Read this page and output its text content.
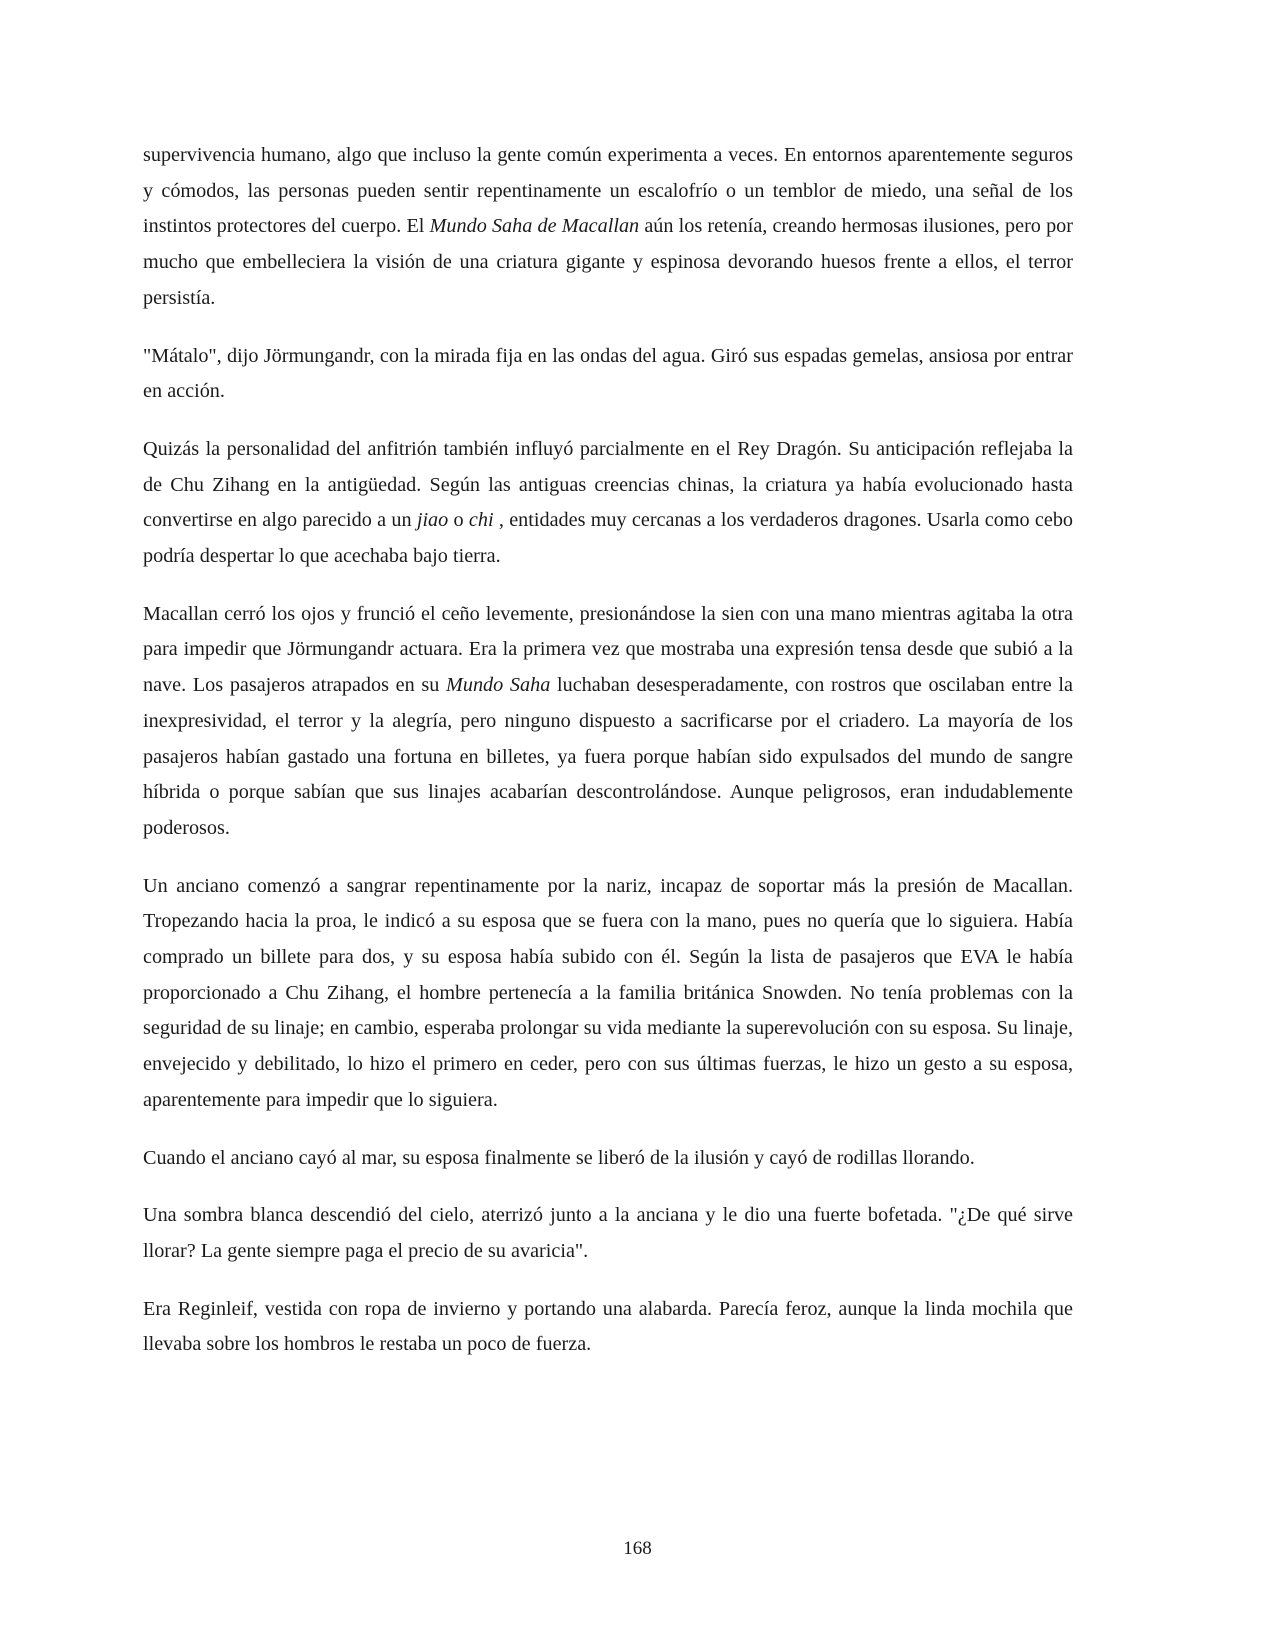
supervivencia humano, algo que incluso la gente común experimenta a veces. En entornos aparentemente seguros y cómodos, las personas pueden sentir repentinamente un escalofrío o un temblor de miedo, una señal de los instintos protectores del cuerpo. El Mundo Saha de Macallan aún los retenía, creando hermosas ilusiones, pero por mucho que embelleciera la visión de una criatura gigante y espinosa devorando huesos frente a ellos, el terror persistía.

"Mátalo", dijo Jörmungandr, con la mirada fija en las ondas del agua. Giró sus espadas gemelas, ansiosa por entrar en acción.

Quizás la personalidad del anfitrión también influyó parcialmente en el Rey Dragón. Su anticipación reflejaba la de Chu Zihang en la antigüedad. Según las antiguas creencias chinas, la criatura ya había evolucionado hasta convertirse en algo parecido a un jiao o chi , entidades muy cercanas a los verdaderos dragones. Usarla como cebo podría despertar lo que acechaba bajo tierra.

Macallan cerró los ojos y frunció el ceño levemente, presionándose la sien con una mano mientras agitaba la otra para impedir que Jörmungandr actuara. Era la primera vez que mostraba una expresión tensa desde que subió a la nave. Los pasajeros atrapados en su Mundo Saha luchaban desesperadamente, con rostros que oscilaban entre la inexpresividad, el terror y la alegría, pero ninguno dispuesto a sacrificarse por el criadero. La mayoría de los pasajeros habían gastado una fortuna en billetes, ya fuera porque habían sido expulsados del mundo de sangre híbrida o porque sabían que sus linajes acabarían descontrolándose. Aunque peligrosos, eran indudablemente poderosos.

Un anciano comenzó a sangrar repentinamente por la nariz, incapaz de soportar más la presión de Macallan. Tropezando hacia la proa, le indicó a su esposa que se fuera con la mano, pues no quería que lo siguiera. Había comprado un billete para dos, y su esposa había subido con él. Según la lista de pasajeros que EVA le había proporcionado a Chu Zihang, el hombre pertenecía a la familia británica Snowden. No tenía problemas con la seguridad de su linaje; en cambio, esperaba prolongar su vida mediante la superevolución con su esposa. Su linaje, envejecido y debilitado, lo hizo el primero en ceder, pero con sus últimas fuerzas, le hizo un gesto a su esposa, aparentemente para impedir que lo siguiera.

Cuando el anciano cayó al mar, su esposa finalmente se liberó de la ilusión y cayó de rodillas llorando.

Una sombra blanca descendió del cielo, aterrizó junto a la anciana y le dio una fuerte bofetada. "¿De qué sirve llorar? La gente siempre paga el precio de su avaricia".

Era Reginleif, vestida con ropa de invierno y portando una alabarda. Parecía feroz, aunque la linda mochila que llevaba sobre los hombros le restaba un poco de fuerza.

168
